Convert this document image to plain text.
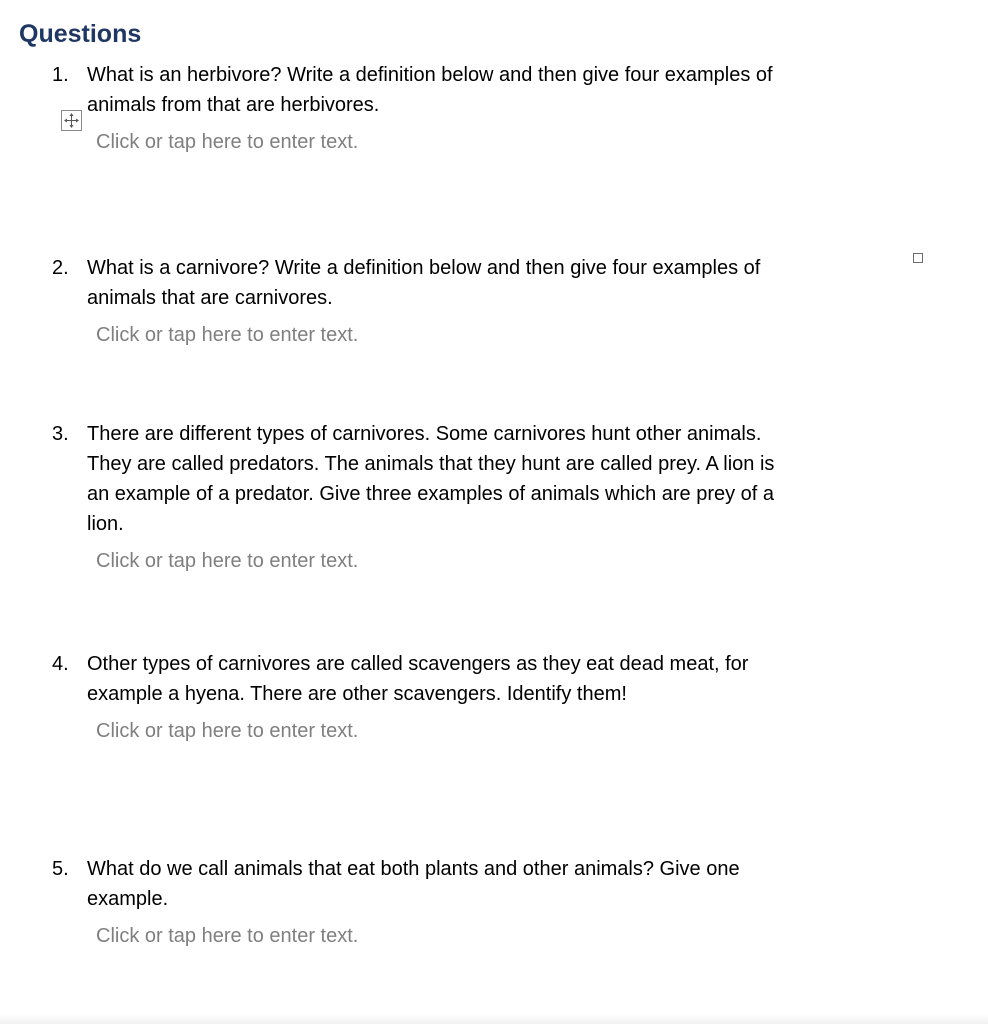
Questions
1. What is an herbivore? Write a definition below and then give four examples of
animals from that are herbivores.
Click or tap here to enter text.
2. What is a carnivore? Write a definition below and then give four examples of
animals that are carnivores.
Click or tap here to enter text.
3. There are different types of carnivores. Some carnivores hunt other animals.
They are called predators. The animals that they hunt are called prey. A lion is
an example of a predator. Give three examples of animals which are prey of a
lion.
Click or tap here to enter text.
4. Other types of carnivores are called scavengers as they eat dead meat, for
example a hyena. There are other scavengers. Identify them!
Click or tap here to enter text.
5. What do we call animals that eat both plants and other animals? Give one
example.
Click or tap here to enter text.
